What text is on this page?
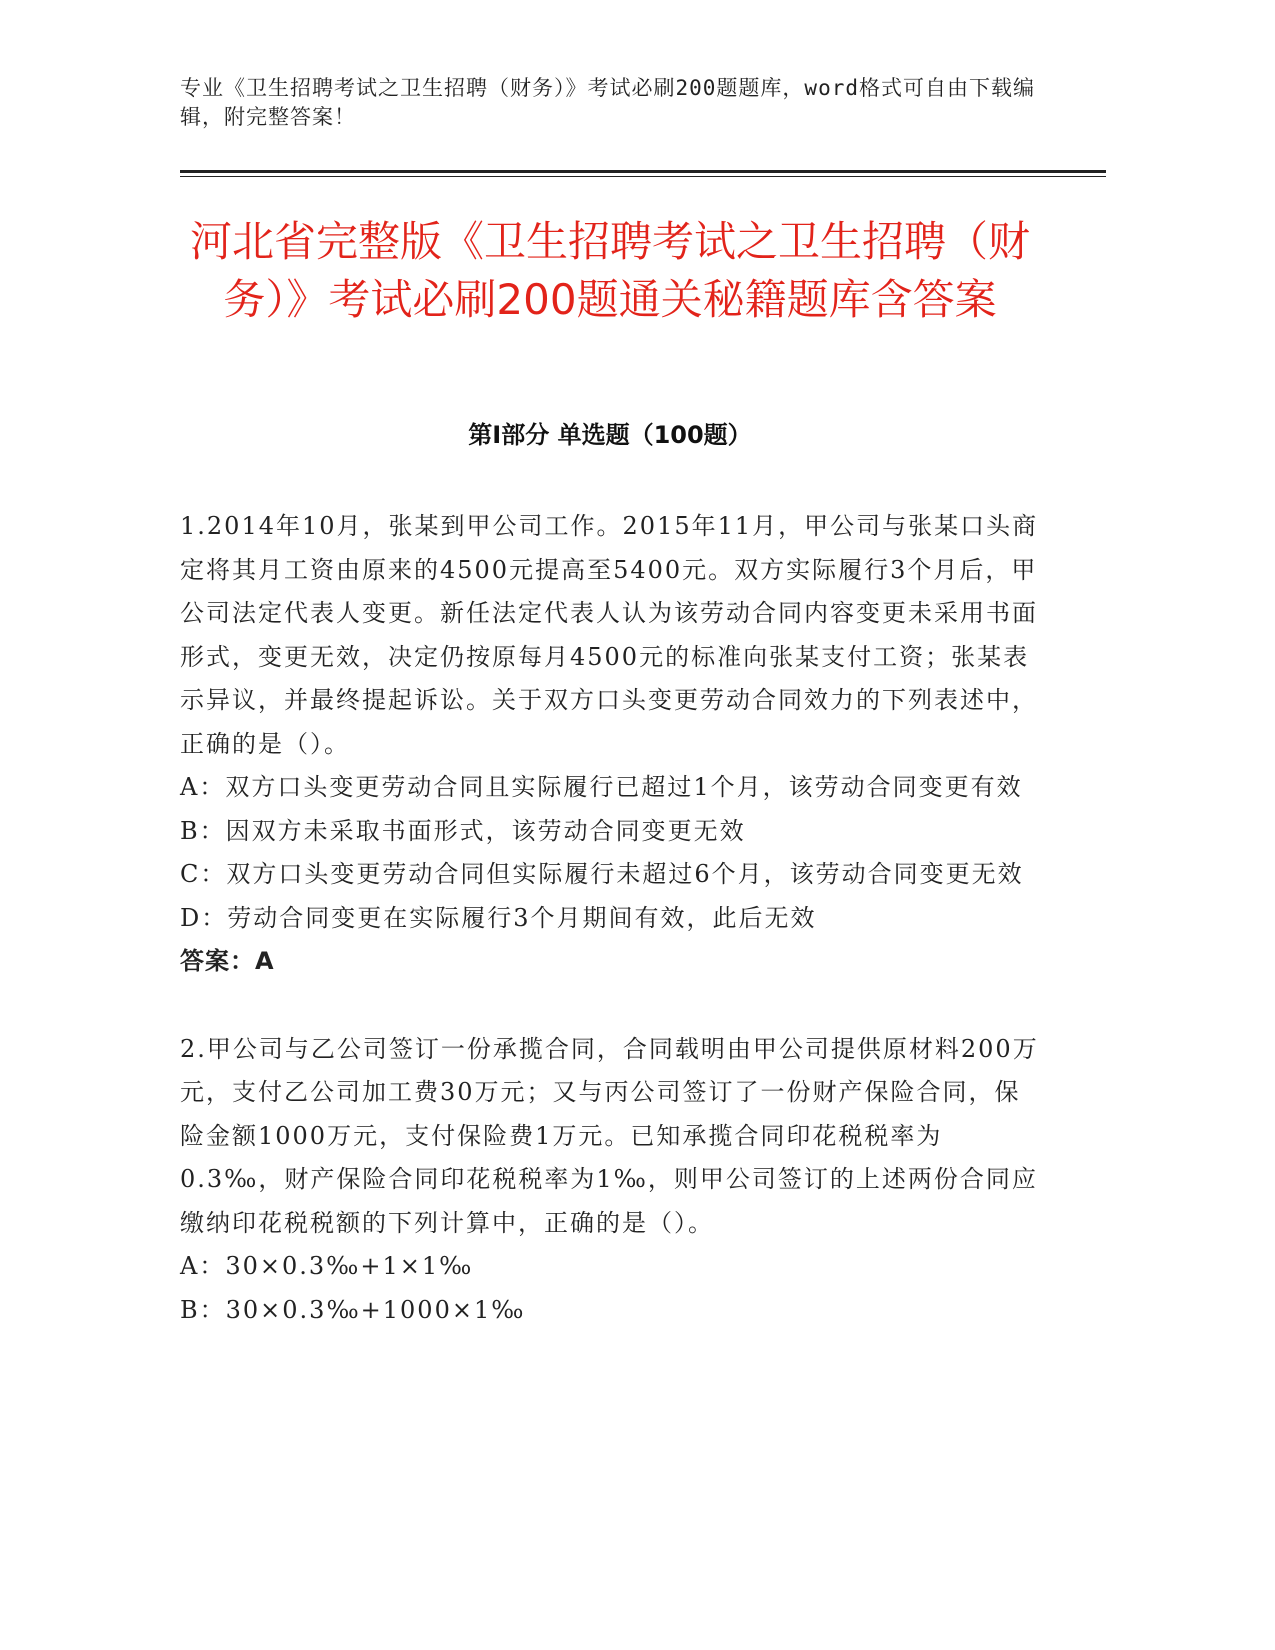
专业《卫生招聘考试之卫生招聘（财务）》考试必刷200题题库，word格式可自由下载编辑，附完整答案！
河北省完整版《卫生招聘考试之卫生招聘（财务）》考试必刷200题通关秘籍题库含答案
第I部分 单选题（100题）

1.2014年10月，张某到甲公司工作。2015年11月，甲公司与张某口头商定将其月工资由原来的4500元提高至5400元。双方实际履行3个月后，甲公司法定代表人变更。新任法定代表人认为该劳动合同内容变更未采用书面形式，变更无效，决定仍按原每月4500元的标准向张某支付工资；张某表示异议，并最终提起诉讼。关于双方口头变更劳动合同效力的下列表述中，正确的是（）。

A：双方口头变更劳动合同且实际履行已超过1个月，该劳动合同变更有效

B：因双方未采取书面形式，该劳动合同变更无效

C：双方口头变更劳动合同但实际履行未超过6个月，该劳动合同变更无效

D：劳动合同变更在实际履行3个月期间有效，此后无效

答案：A

2.甲公司与乙公司签订一份承揽合同，合同载明由甲公司提供原材料200万元，支付乙公司加工费30万元；又与丙公司签订了一份财产保险合同，保险金额1000万元，支付保险费1万元。已知承揽合同印花税税率为0.3‰，财产保险合同印花税税率为1‰，则甲公司签订的上述两份合同应缴纳印花税税额的下列计算中，正确的是（）。

A：30×0.3‰+1×1‰

B：30×0.3‰+1000×1‰
